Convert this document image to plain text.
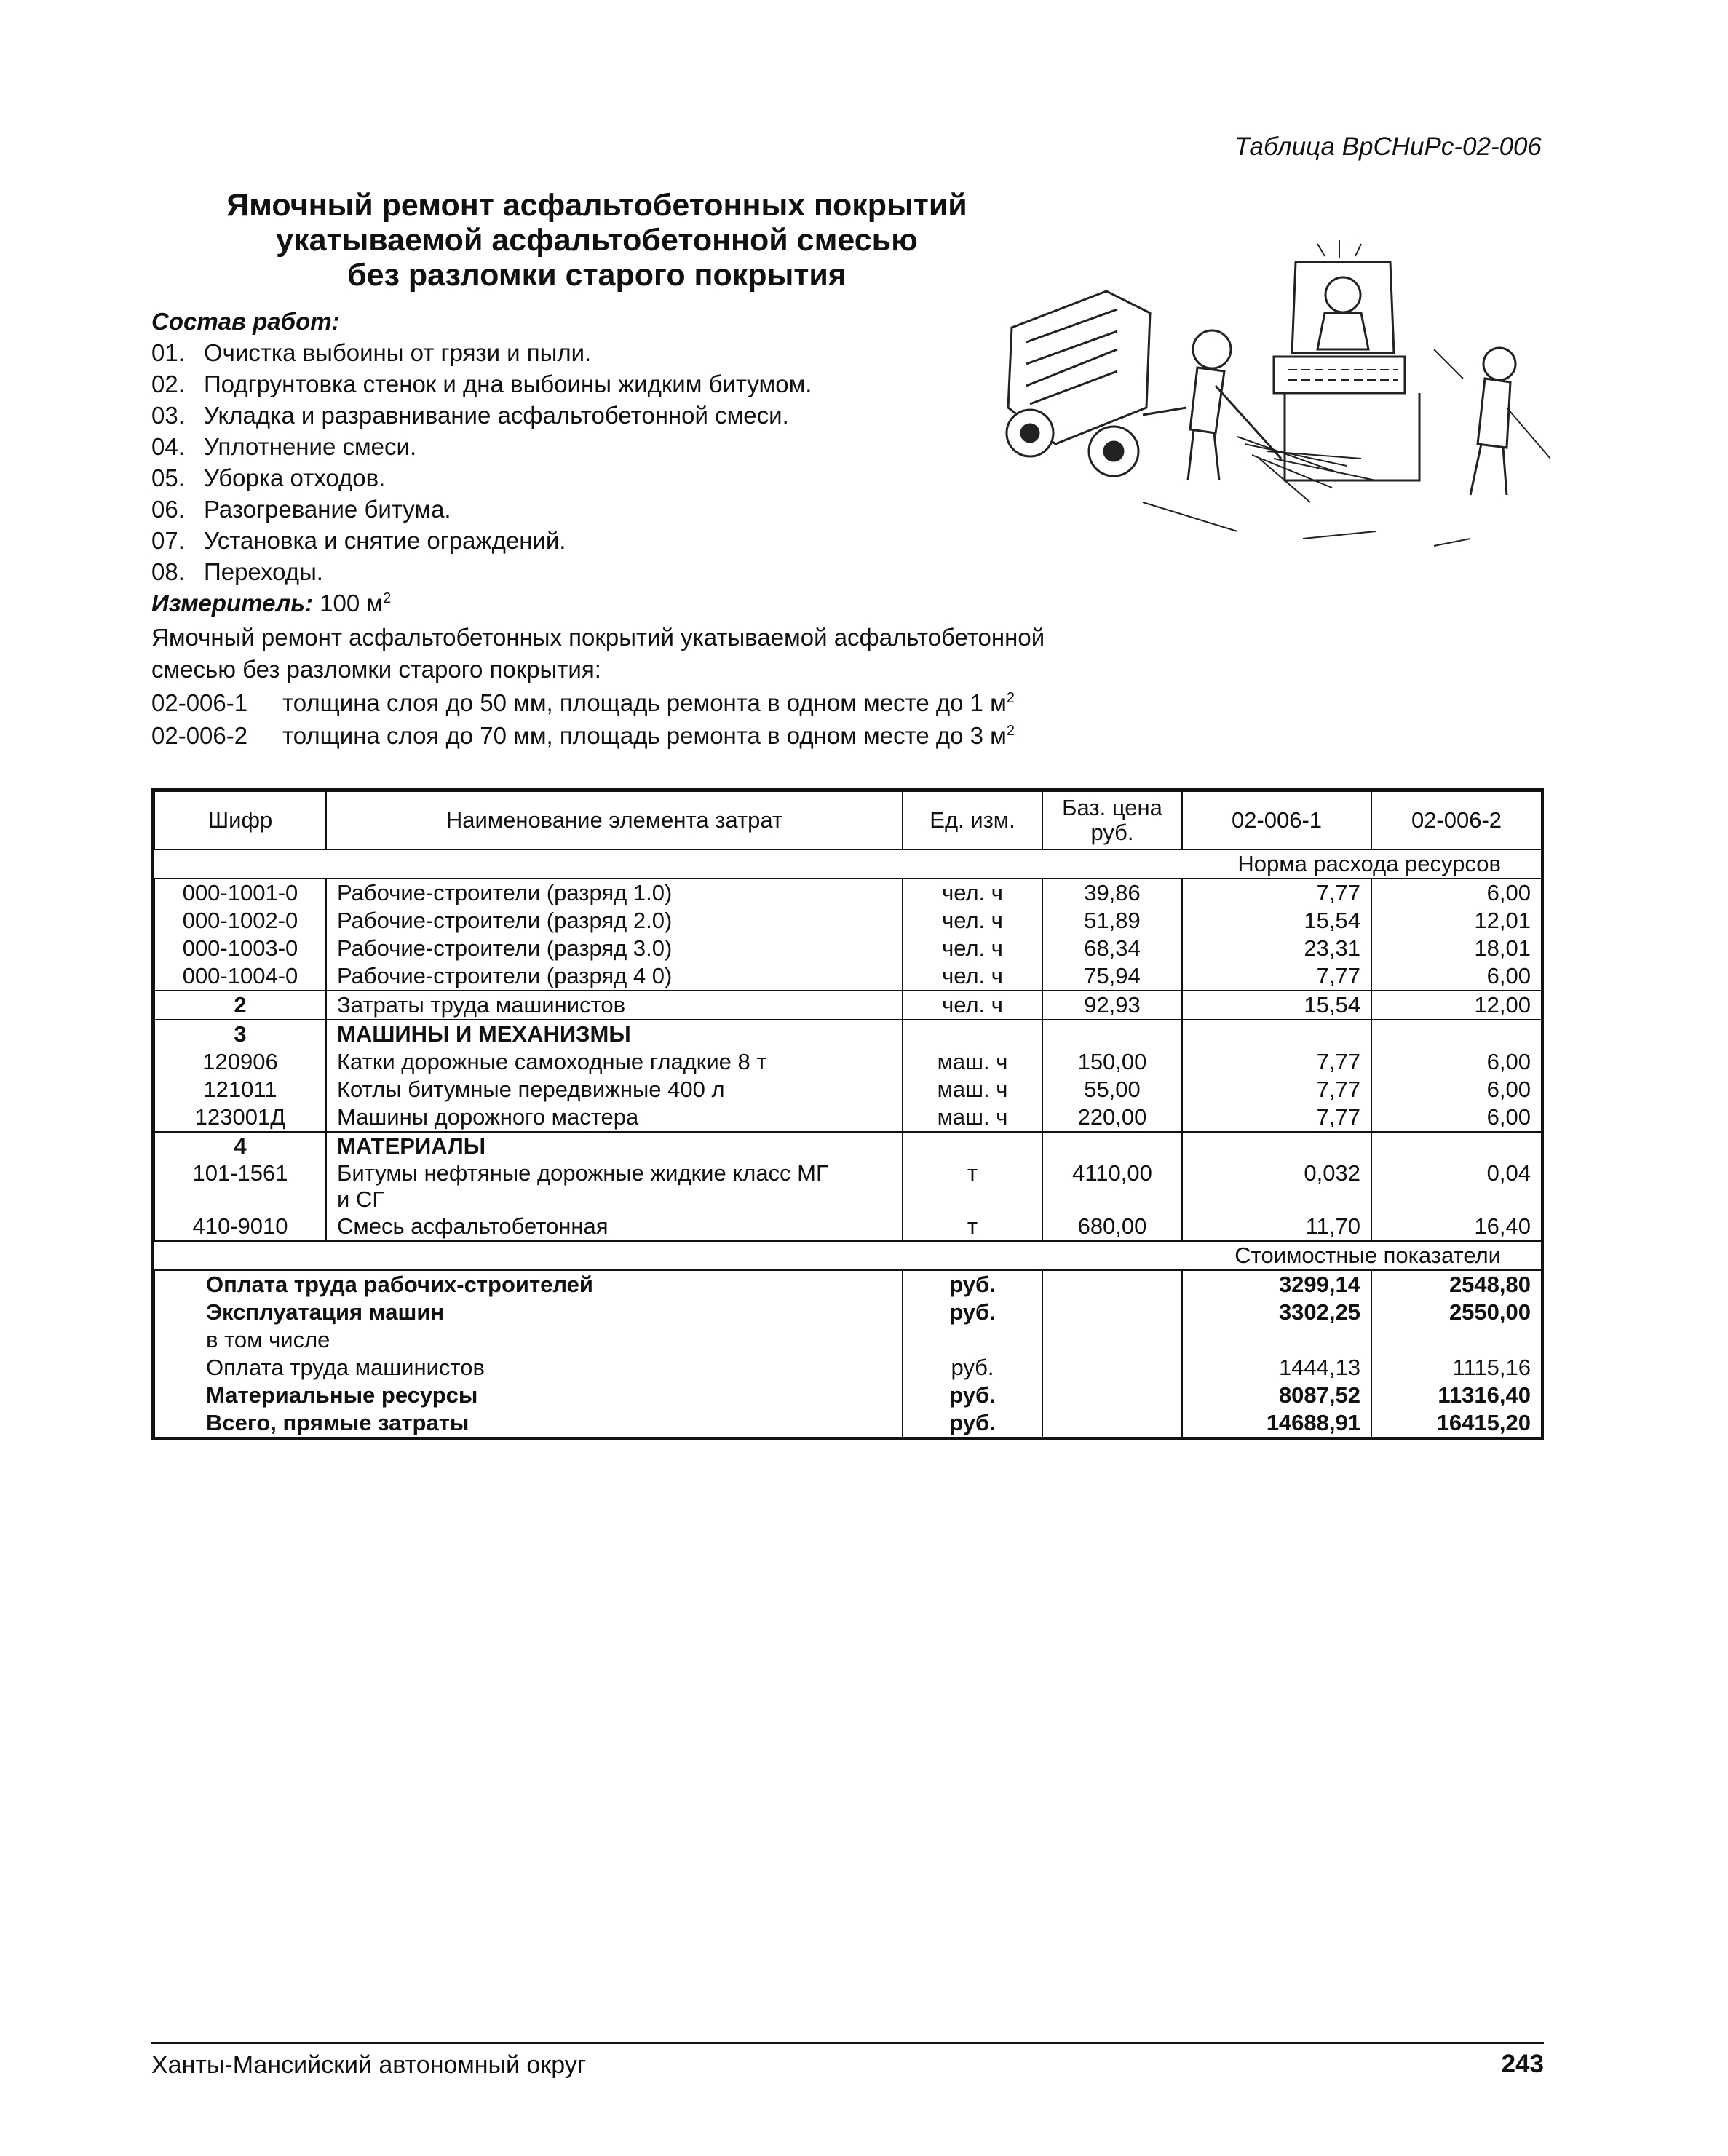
Таблица ВрСНиРс-02-006
Ямочный ремонт асфальтобетонных покрытий
укатываемой асфальтобетонной смесью
без разломки старого покрытия
Состав работ:
01. Очистка выбоины от грязи и пыли.
02. Подгрунтовка стенок и дна выбоины жидким битумом.
03. Укладка и разравнивание асфальтобетонной смеси.
04. Уплотнение смеси.
05. Уборка отходов.
06. Разогревание битума.
07. Установка и снятие ограждений.
08. Переходы.
Измеритель: 100 $м^2$
Ямочный ремонт асфальтобетонных покрытий укатываемой асфальтобетонной смесью без разломки старого покрытия:
02-006-1	толщина слоя до 50 мм, площадь ремонта в одном месте до 1 $м^2$
02-006-2	толщина слоя до 70 мм, площадь ремонта в одном месте до 3 $м^2$
Шифр	Наименование элемента затрат	Ед. изм.	Баз. цена руб.	02-006-1	02-006-2
Норма расхода ресурсов					
000-1001-0	Рабочие-строители (разряд 1.0)	чел. ч	39,86	7,77	6,00
000-1002-0	Рабочие-строители (разряд 2.0)	чел. ч	51,89	15,54	12,01
000-1003-0	Рабочие-строители (разряд 3.0)	чел. ч	68,34	23,31	18,01
000-1004-0	Рабочие-строители (разряд 4 0)	чел. ч	75,94	7,77	6,00
2	Затраты труда машинистов	чел. ч	92,93	15,54	12,00
3	МАШИНЫ И МЕХАНИЗМЫ				
120906	Катки дорожные самоходные гладкие 8 т	маш. ч	150,00	7,77	6,00
121011	Котлы битумные передвижные 400 л	маш. ч	55,00	7,77	6,00
123001Д	Машины дорожного мастера	маш. ч	220,00	7,77	6,00
4	МАТЕРИАЛЫ				
101-1561	Битумы нефтяные дорожные жидкие класс МГ
и СГ	т	4110,00	0,032	0,04
410-9010	Смесь асфальтобетонная	т	680,00	11,70	16,40
Стоимостные показатели					
Оплата труда рабочих-строителей		руб.		3299,14	2548,80
Эксплуатация машин		руб.		3302,25	2550,00
в том числе					
Оплата труда машинистов		руб.		1444,13	1115,16
Материальные ресурсы		руб.		8087,52	11316,40
Всего, прямые затраты		руб.		14688,91	16415,20
Ханты-Мансийский автономный округ	243
